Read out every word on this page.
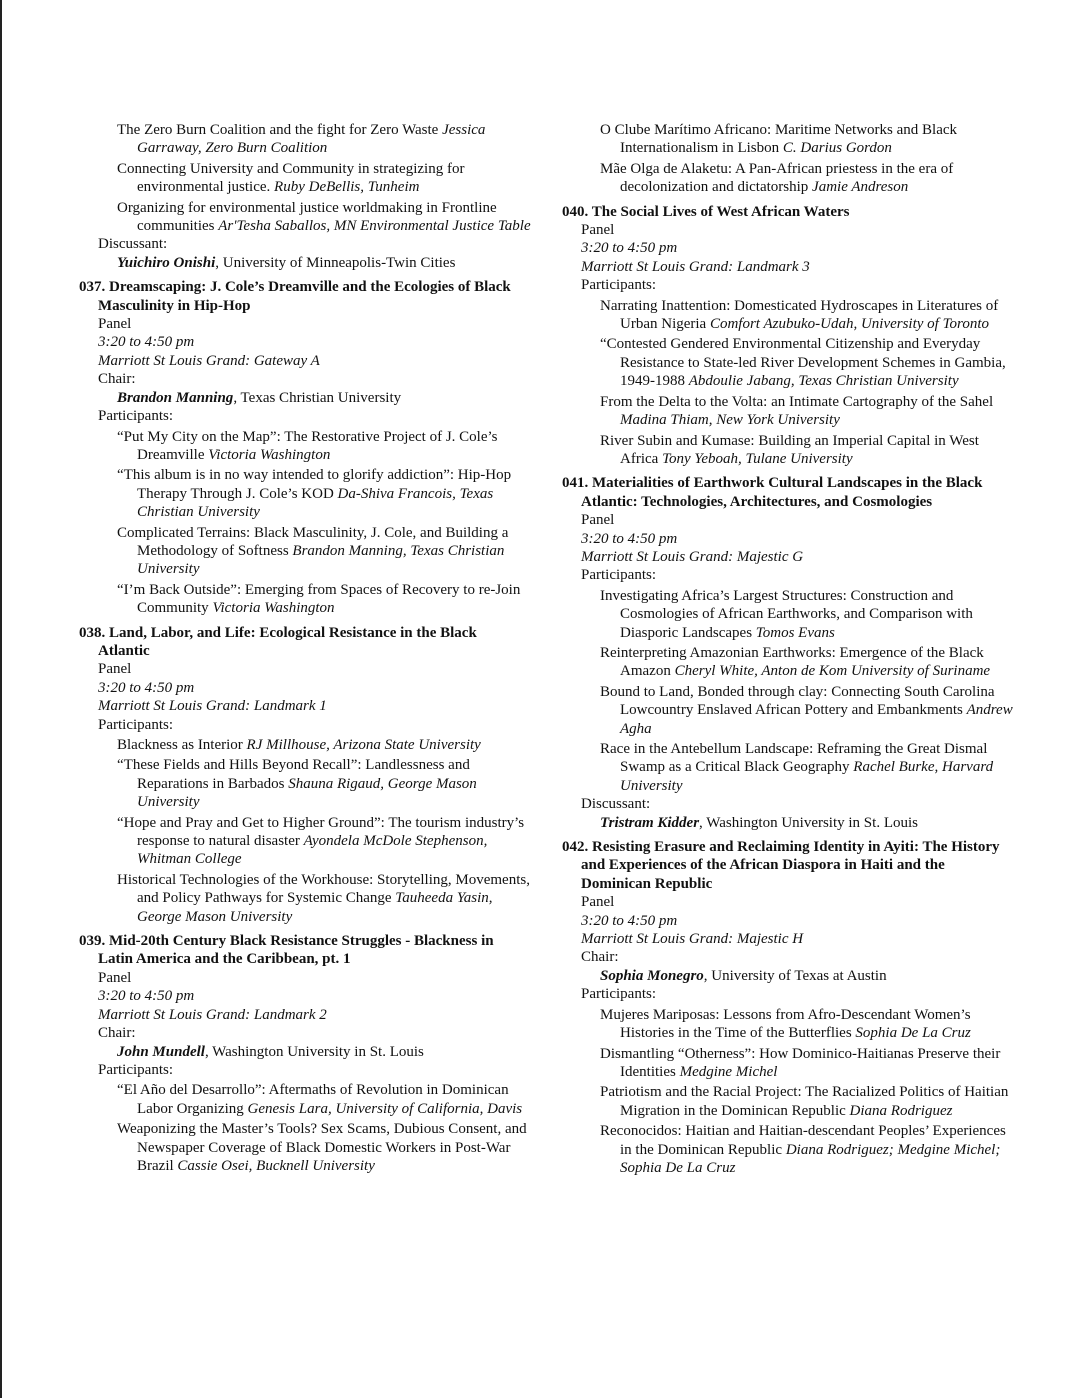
The Zero Burn Coalition and the fight for Zero Waste Jessica Garraway, Zero Burn Coalition

Connecting University and Community in strategizing for environmental justice. Ruby DeBellis, Tunheim

Organizing for environmental justice worldmaking in Frontline communities Ar'Tesha Saballos, MN Environmental Justice Table

Discussant:

Yuichiro Onishi, University of Minneapolis-Twin Cities

037. Dreamscaping: J. Cole’s Dreamville and the Ecologies of Black Masculinity in Hip-Hop

Panel

3:20 to 4:50 pm

Marriott St Louis Grand: Gateway A

Chair:

Brandon Manning, Texas Christian University

Participants:

“Put My City on the Map”: The Restorative Project of J. Cole’s Dreamville Victoria Washington

“This album is in no way intended to glorify addiction”: Hip-Hop Therapy Through J. Cole’s KOD Da-Shiva Francois, Texas Christian University

Complicated Terrains: Black Masculinity, J. Cole, and Building a Methodology of Softness Brandon Manning, Texas Christian University

“I’m Back Outside”: Emerging from Spaces of Recovery to re-Join Community Victoria Washington

038. Land, Labor, and Life: Ecological Resistance in the Black Atlantic

Panel

3:20 to 4:50 pm

Marriott St Louis Grand: Landmark 1

Participants:

Blackness as Interior RJ Millhouse, Arizona State University

“These Fields and Hills Beyond Recall”: Landlessness and Reparations in Barbados Shauna Rigaud, George Mason University

“Hope and Pray and Get to Higher Ground”: The tourism industry’s response to natural disaster Ayondela McDole Stephenson, Whitman College

Historical Technologies of the Workhouse: Storytelling, Movements, and Policy Pathways for Systemic Change Tauheeda Yasin, George Mason University

039. Mid-20th Century Black Resistance Struggles - Blackness in Latin America and the Caribbean, pt. 1

Panel

3:20 to 4:50 pm

Marriott St Louis Grand: Landmark 2

Chair:

John Mundell, Washington University in St. Louis

Participants:

“El Año del Desarrollo”: Aftermaths of Revolution in Dominican Labor Organizing Genesis Lara, University of California, Davis

Weaponizing the Master’s Tools? Sex Scams, Dubious Consent, and Newspaper Coverage of Black Domestic Workers in Post-War Brazil Cassie Osei, Bucknell University

O Clube Marítimo Africano: Maritime Networks and Black Internationalism in Lisbon C. Darius Gordon

Mãe Olga de Alaketu: A Pan-African priestess in the era of decolonization and dictatorship Jamie Andreson

040. The Social Lives of West African Waters

Panel

3:20 to 4:50 pm

Marriott St Louis Grand: Landmark 3

Participants:

Narrating Inattention: Domesticated Hydroscapes in Literatures of Urban Nigeria Comfort Azubuko-Udah, University of Toronto

“Contested Gendered Environmental Citizenship and Everyday Resistance to State-led River Development Schemes in Gambia, 1949-1988 Abdoulie Jabang, Texas Christian University

From the Delta to the Volta: an Intimate Cartography of the Sahel Madina Thiam, New York University

River Subin and Kumase: Building an Imperial Capital in West Africa Tony Yeboah, Tulane University

041. Materialities of Earthwork Cultural Landscapes in the Black Atlantic: Technologies, Architectures, and Cosmologies

Panel

3:20 to 4:50 pm

Marriott St Louis Grand: Majestic G

Participants:

Investigating Africa’s Largest Structures: Construction and Cosmologies of African Earthworks, and Comparison with Diasporic Landscapes Tomos Evans

Reinterpreting Amazonian Earthworks: Emergence of the Black Amazon Cheryl White, Anton de Kom University of Suriname

Bound to Land, Bonded through clay: Connecting South Carolina Lowcountry Enslaved African Pottery and Embankments Andrew Agha

Race in the Antebellum Landscape: Reframing the Great Dismal Swamp as a Critical Black Geography Rachel Burke, Harvard University

Discussant:

Tristram Kidder, Washington University in St. Louis

042. Resisting Erasure and Reclaiming Identity in Ayiti: The History and Experiences of the African Diaspora in Haiti and the Dominican Republic

Panel

3:20 to 4:50 pm

Marriott St Louis Grand: Majestic H

Chair:

Sophia Monegro, University of Texas at Austin

Participants:

Mujeres Mariposas: Lessons from Afro-Descendant Women’s Histories in the Time of the Butterflies Sophia De La Cruz

Dismantling “Otherness”: How Dominico-Haitianas Preserve their Identities Medgine Michel

Patriotism and the Racial Project: The Racialized Politics of Haitian Migration in the Dominican Republic Diana Rodriguez

Reconocidos: Haitian and Haitian-descendant Peoples’ Experiences in the Dominican Republic Diana Rodriguez; Medgine Michel; Sophia De La Cruz
